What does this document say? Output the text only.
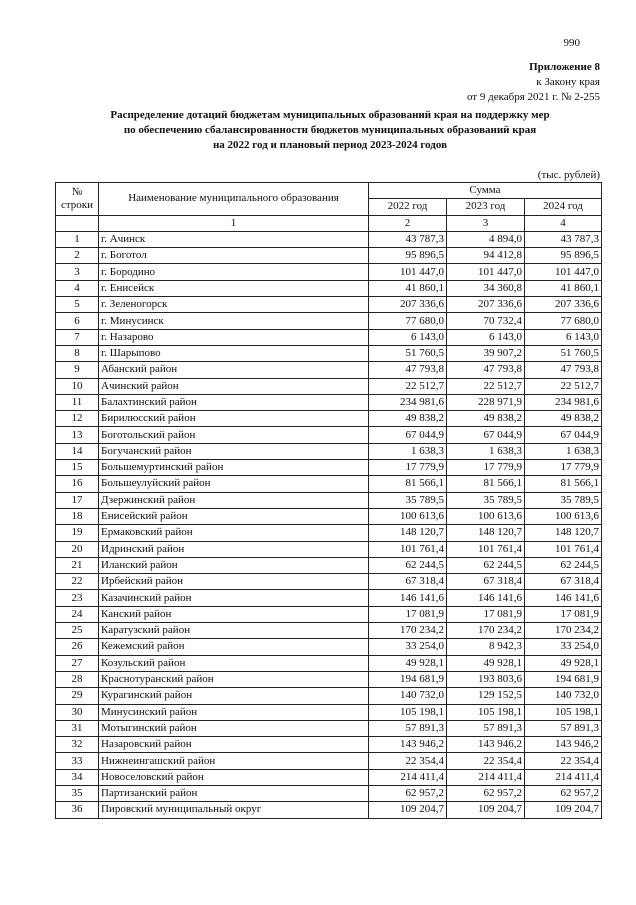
990
Приложение 8
к Закону края
от 9 декабря 2021 г. № 2-255
Распределение дотаций бюджетам муниципальных образований края на поддержку мер
по обеспечению сбалансированности бюджетов муниципальных образований края
на 2022 год и плановый период 2023-2024 годов
(тыс. рублей)
№ строки	Наименование муниципального образования	Сумма		
		2022 год	2023 год	2024 год
	1	2	3	4
1	г. Ачинск	43 787,3	4 894,0	43 787,3
2	г. Боготол	95 896,5	94 412,8	95 896,5
3	г. Бородино	101 447,0	101 447,0	101 447,0
4	г. Енисейск	41 860,1	34 360,8	41 860,1
5	г. Зеленогорск	207 336,6	207 336,6	207 336,6
6	г. Минусинск	77 680,0	70 732,4	77 680,0
7	г. Назарово	6 143,0	6 143,0	6 143,0
8	г. Шарыпово	51 760,5	39 907,2	51 760,5
9	Абанский район	47 793,8	47 793,8	47 793,8
10	Ачинский район	22 512,7	22 512,7	22 512,7
11	Балахтинский район	234 981,6	228 971,9	234 981,6
12	Бирилюсский район	49 838,2	49 838,2	49 838,2
13	Боготольский район	67 044,9	67 044,9	67 044,9
14	Богучанский район	1 638,3	1 638,3	1 638,3
15	Большемуртинский район	17 779,9	17 779,9	17 779,9
16	Большеулуйский район	81 566,1	81 566,1	81 566,1
17	Дзержинский район	35 789,5	35 789,5	35 789,5
18	Енисейский район	100 613,6	100 613,6	100 613,6
19	Ермаковский район	148 120,7	148 120,7	148 120,7
20	Идринский район	101 761,4	101 761,4	101 761,4
21	Иланский район	62 244,5	62 244,5	62 244,5
22	Ирбейский район	67 318,4	67 318,4	67 318,4
23	Казачинский район	146 141,6	146 141,6	146 141,6
24	Канский район	17 081,9	17 081,9	17 081,9
25	Каратузский район	170 234,2	170 234,2	170 234,2
26	Кежемский район	33 254,0	8 942,3	33 254,0
27	Козульский район	49 928,1	49 928,1	49 928,1
28	Краснотуранский район	194 681,9	193 803,6	194 681,9
29	Курагинский район	140 732,0	129 152,5	140 732,0
30	Минусинский район	105 198,1	105 198,1	105 198,1
31	Мотыгинский район	57 891,3	57 891,3	57 891,3
32	Назаровский район	143 946,2	143 946,2	143 946,2
33	Нижнеингашский район	22 354,4	22 354,4	22 354,4
34	Новоселовский район	214 411,4	214 411,4	214 411,4
35	Партизанский район	62 957,2	62 957,2	62 957,2
36	Пировский муниципальный округ	109 204,7	109 204,7	109 204,7
